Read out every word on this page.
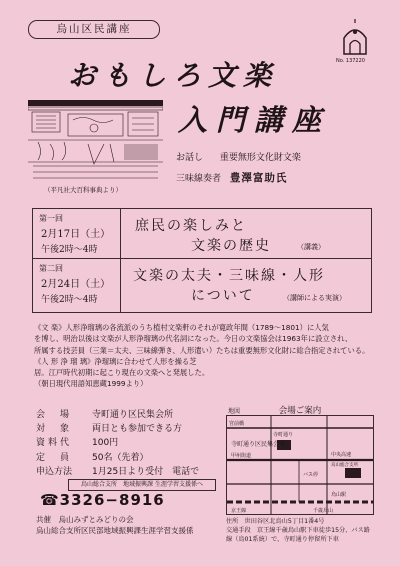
烏山区民講座
No. 137220
おもしろ文楽
入門講座
（平凡社大百科事典より）
お話し 重要無形文化財文楽
三味線奏者 豊澤富助氏
第一回
2月17日（土）
午後2時〜4時
庶民の楽しみと
文楽の歴史	（講義）
第二回
2月24日（土）
午後2時〜4時
文楽の太夫・三味線・人形
について	（講師による実演）

《文 楽》人形浄瑠璃の各流派のうち植村文楽軒のそれが寛政年間（1789〜1801）に人気

を博し、明治以後は文楽が人形浄瑠璃の代名詞になった。今日の文楽協会は1963年に設立され、

所属する技芸員（三業＝太夫、三味線弾き、人形遣い）たちは重要無形文化財に総合指定されている。

《人 形 浄 瑠 璃》浄瑠璃に合わせて人形を操る芝

居。江戸時代初期に起こり現在の文楽へと発展した。

（朝日現代用語知恵蔵1999より）

会　場 寺町通り区民集会所
対　象 両日とも参加できる方
資料代 100円
定　員 50名（先着）
申込方法 1月25日より受付　電話で
烏山総合支所　地域振興課 生涯学習支援係へ
☎3326−8916
共催　烏山みずとみどりの会
烏山総合支所区民部地域振興課生涯学習支援係
地図	会場ご案内
宮前橋
寺町通り
寺町通り区民集会所
烏山駅
京王線
甲州街道
千歳烏山
烏山総合支所
バス停
中央高速
住所　世田谷区北烏山5丁目1番4号
交通手段　京王線千歳烏山駅下車徒歩15分、バス路線（烏01系統）で、寺町通り停留所下車
